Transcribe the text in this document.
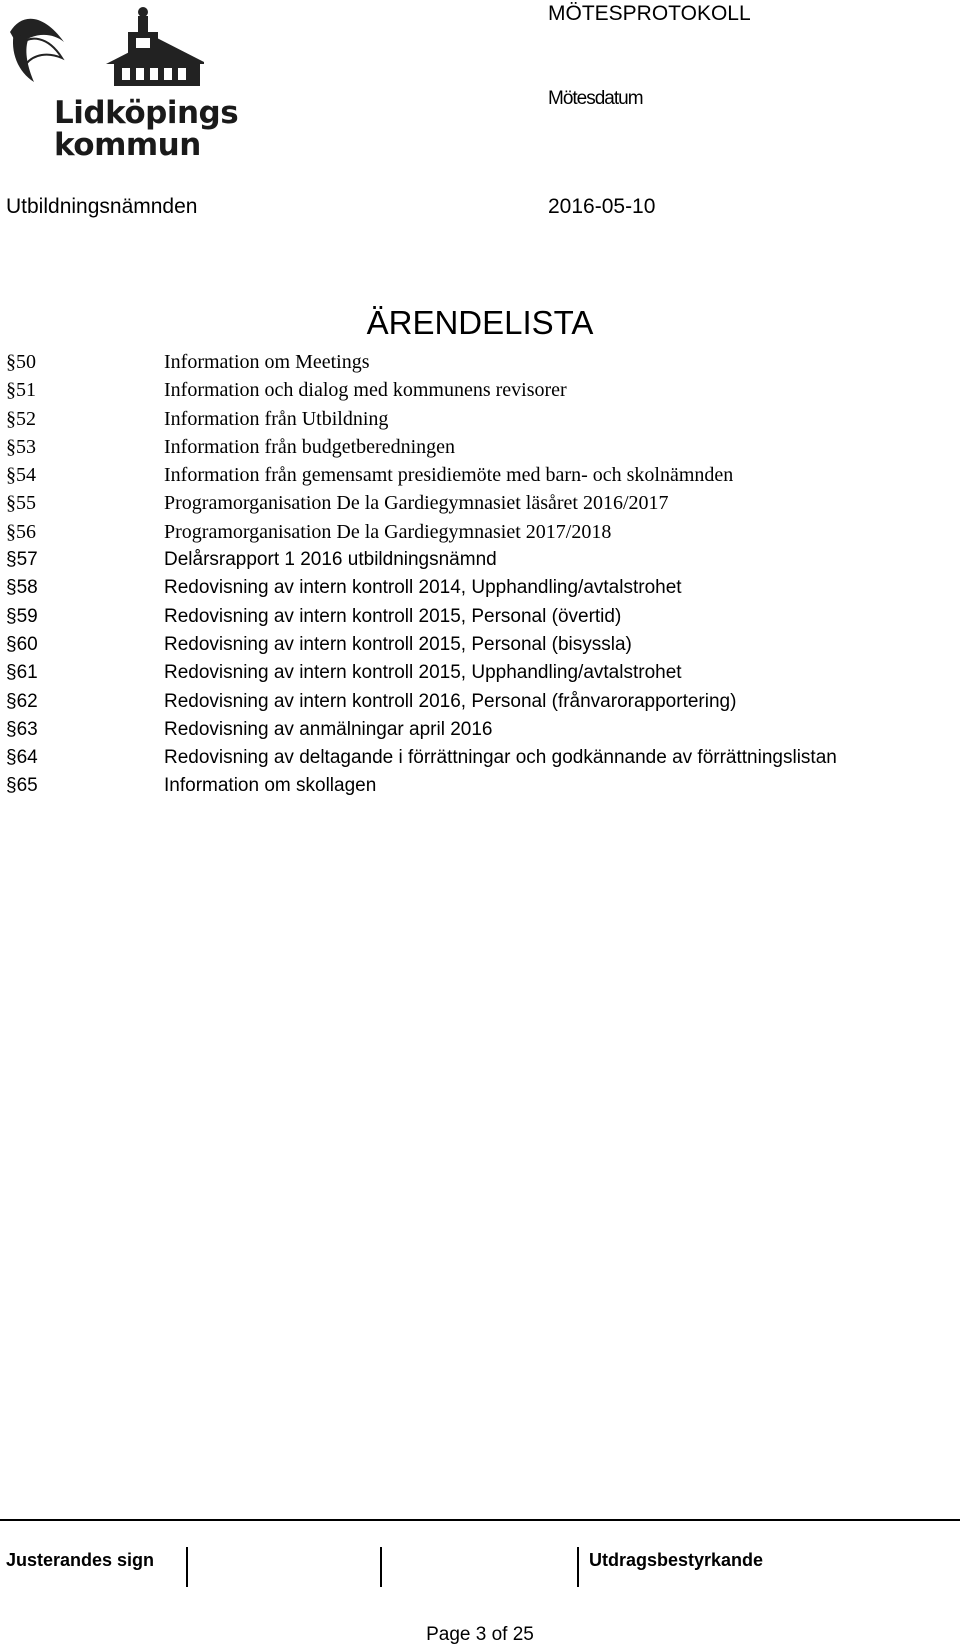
Lidköpings
kommun
MÖTESPROTOKOLL
Mötesdatum
Utbildningsnämnden	2016-05-10
ÄRENDELISTA
§50	Information om Meetings
§51	Information och dialog med kommunens revisorer
§52	Information från Utbildning
§53	Information från budgetberedningen
§54	Information från gemensamt presidiemöte med barn- och skolnämnden
§55	Programorganisation De la Gardiegymnasiet läsåret 2016/2017
§56	Programorganisation De la Gardiegymnasiet 2017/2018
§57	Delårsrapport 1 2016 utbildningsnämnd
§58	Redovisning av intern kontroll 2014, Upphandling/avtalstrohet
§59	Redovisning av intern kontroll 2015, Personal (övertid)
§60	Redovisning av intern kontroll 2015, Personal (bisyssla)
§61	Redovisning av intern kontroll 2015, Upphandling/avtalstrohet
§62	Redovisning av intern kontroll 2016, Personal (frånvarorapportering)
§63	Redovisning av anmälningar april 2016
§64	Redovisning av deltagande i förrättningar och godkännande av förrättningslistan
§65	Information om skollagen
Justerandes sign	Utdragsbestyrkande
Page 3 of 25
